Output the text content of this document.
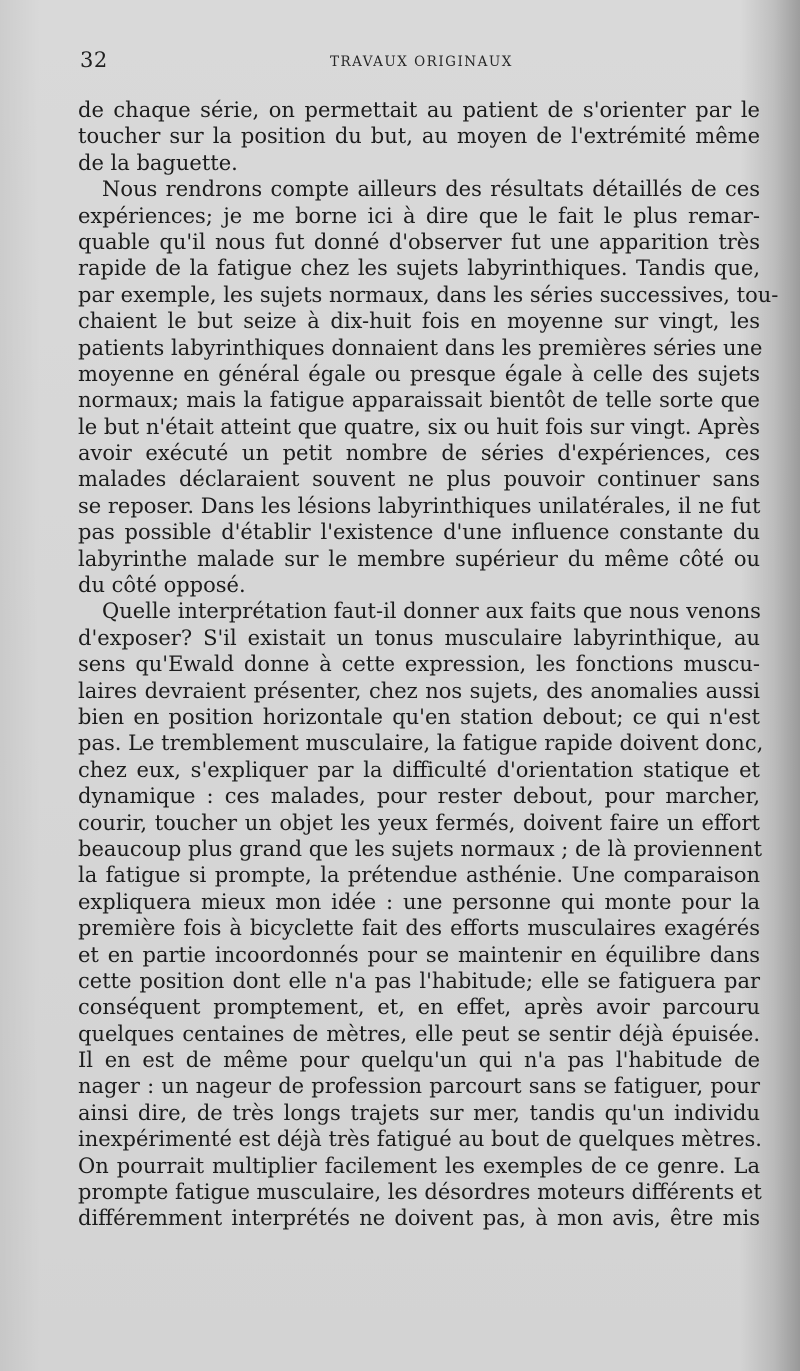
32	TRAVAUX ORIGINAUX
de chaque série, on permettait au patient de s'orienter par le
toucher sur la position du but, au moyen de l'extrémité même
de la baguette.
Nous rendrons compte ailleurs des résultats détaillés de ces
expériences; je me borne ici à dire que le fait le plus remar-
quable qu'il nous fut donné d'observer fut une apparition très
rapide de la fatigue chez les sujets labyrinthiques. Tandis que,
par exemple, les sujets normaux, dans les séries successives, tou-
chaient le but seize à dix-huit fois en moyenne sur vingt, les
patients labyrinthiques donnaient dans les premières séries une
moyenne en général égale ou presque égale à celle des sujets
normaux; mais la fatigue apparaissait bientôt de telle sorte que
le but n'était atteint que quatre, six ou huit fois sur vingt. Après
avoir exécuté un petit nombre de séries d'expériences, ces
malades déclaraient souvent ne plus pouvoir continuer sans
se reposer. Dans les lésions labyrinthiques unilatérales, il ne fut
pas possible d'établir l'existence d'une influence constante du
labyrinthe malade sur le membre supérieur du même côté ou
du côté opposé.
Quelle interprétation faut-il donner aux faits que nous venons
d'exposer? S'il existait un tonus musculaire labyrinthique, au
sens qu'Ewald donne à cette expression, les fonctions muscu-
laires devraient présenter, chez nos sujets, des anomalies aussi
bien en position horizontale qu'en station debout; ce qui n'est
pas. Le tremblement musculaire, la fatigue rapide doivent donc,
chez eux, s'expliquer par la difficulté d'orientation statique et
dynamique : ces malades, pour rester debout, pour marcher,
courir, toucher un objet les yeux fermés, doivent faire un effort
beaucoup plus grand que les sujets normaux ; de là proviennent
la fatigue si prompte, la prétendue asthénie. Une comparaison
expliquera mieux mon idée : une personne qui monte pour la
première fois à bicyclette fait des efforts musculaires exagérés
et en partie incoordonnés pour se maintenir en équilibre dans
cette position dont elle n'a pas l'habitude; elle se fatiguera par
conséquent promptement, et, en effet, après avoir parcouru
quelques centaines de mètres, elle peut se sentir déjà épuisée.
Il en est de même pour quelqu'un qui n'a pas l'habitude de
nager : un nageur de profession parcourt sans se fatiguer, pour
ainsi dire, de très longs trajets sur mer, tandis qu'un individu
inexpérimenté est déjà très fatigué au bout de quelques mètres.
On pourrait multiplier facilement les exemples de ce genre. La
prompte fatigue musculaire, les désordres moteurs différents et
différemment interprétés ne doivent pas, à mon avis, être mis
